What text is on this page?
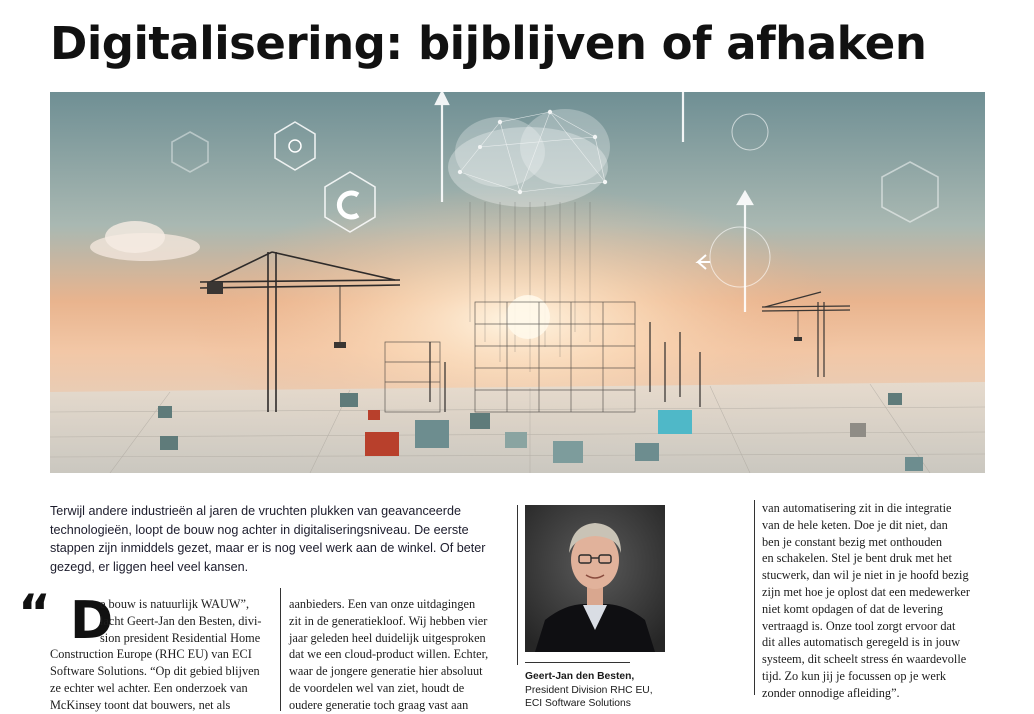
Digitalisering: bijblijven of afhaken
Terwijl andere industrieën al jaren de vruchten plukken van geavanceerde
technologieën, loopt de bouw nog achter in digitaliseringsniveau. De eerste
stappen zijn inmiddels gezet, maar er is nog veel werk aan de winkel. Of beter
gezegd, er liggen heel veel kansen.
“ D
e bouw is natuurlijk WAUW”,
lacht Geert-Jan den Besten, divi-
sion president Residential Home
Construction Europe (RHC EU) van ECI
Software Solutions. “Op dit gebied blijven
ze echter wel achter. Een onderzoek van
McKinsey toont dat bouwers, net als
aanbieders. Een van onze uitdagingen
zit in de generatiekloof. Wij hebben vier
jaar geleden heel duidelijk uitgesproken
dat we een cloud-product willen. Echter,
waar de jongere generatie hier absoluut
de voordelen wel van ziet, houdt de
oudere generatie toch graag vast aan
Geert-Jan den Besten,
President Division RHC EU,
ECI Software Solutions
van automatisering zit in die integratie
van de hele keten. Doe je dit niet, dan
ben je constant bezig met onthouden
en schakelen. Stel je bent druk met het
stucwerk, dan wil je niet in je hoofd bezig
zijn met hoe je oplost dat een medewerker
niet komt opdagen of dat de levering
vertraagd is. Onze tool zorgt ervoor dat
dit alles automatisch geregeld is in jouw
systeem, dit scheelt stress én waardevolle
tijd. Zo kun jij je focussen op je werk
zonder onnodige afleiding”.
